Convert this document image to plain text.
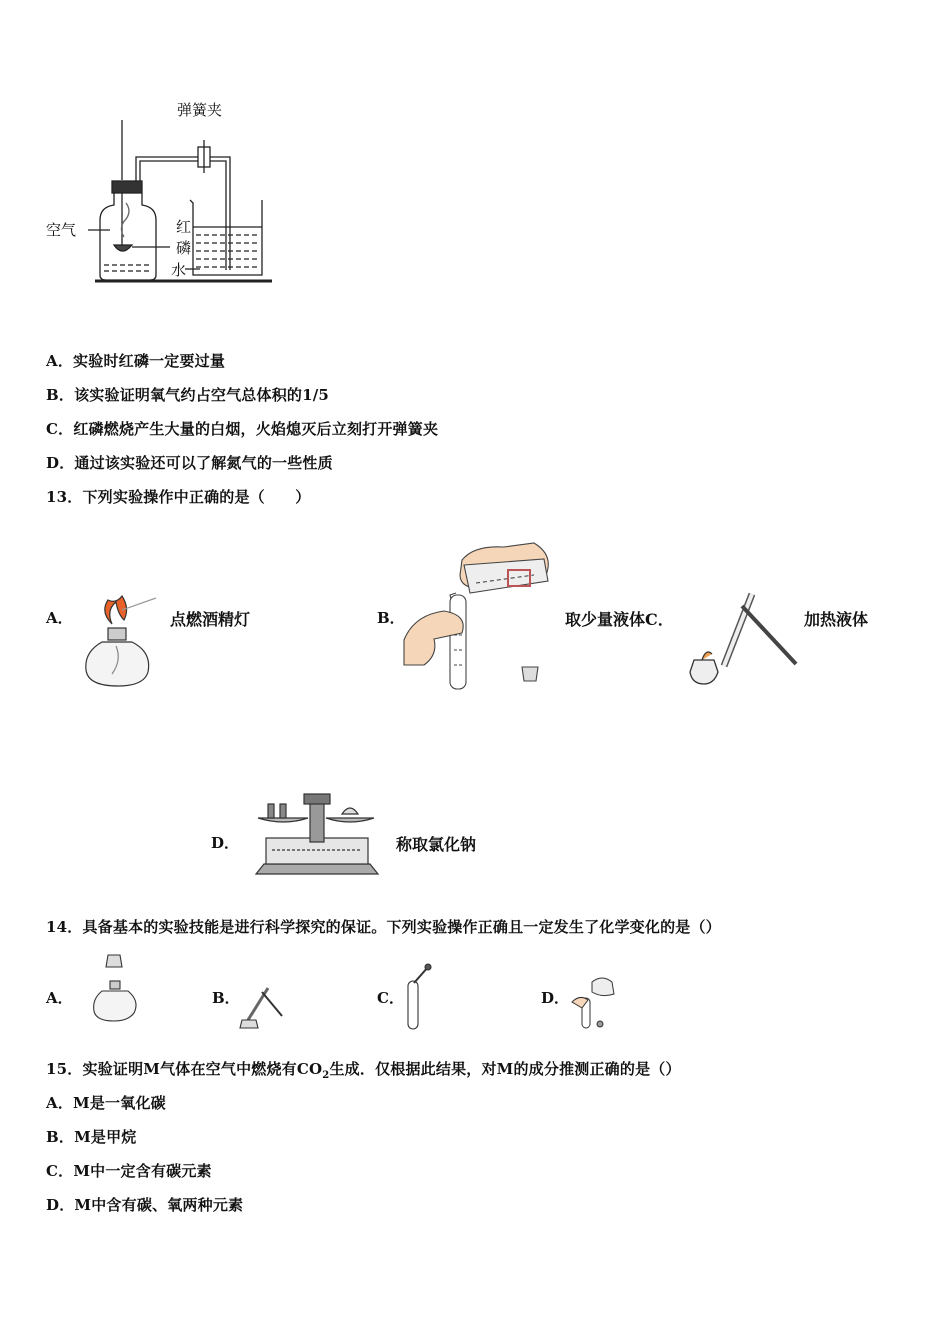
弹簧夹
空气	红
磷
水
A．实验时红磷一定要过量
B．该实验证明氧气约占空气总体积的1/5
C．红磷燃烧产生大量的白烟，火焰熄灭后立刻打开弹簧夹
D．通过该实验还可以了解氮气的一些性质
13．下列实验操作中正确的是（　　）
A．	点燃酒精灯	B．	取少量液体C．	加热液体
D．	称取氯化钠
14．具备基本的实验技能是进行科学探究的保证。下列实验操作正确且一定发生了化学变化的是（）
A．	B．	C．	D．
15．实验证明M气体在空气中燃烧有$CO_2$生成．仅根据此结果，对M的成分推测正确的是（）
A．M是一氧化碳
B．M是甲烷
C．M中一定含有碳元素
D．M中含有碳、氧两种元素
